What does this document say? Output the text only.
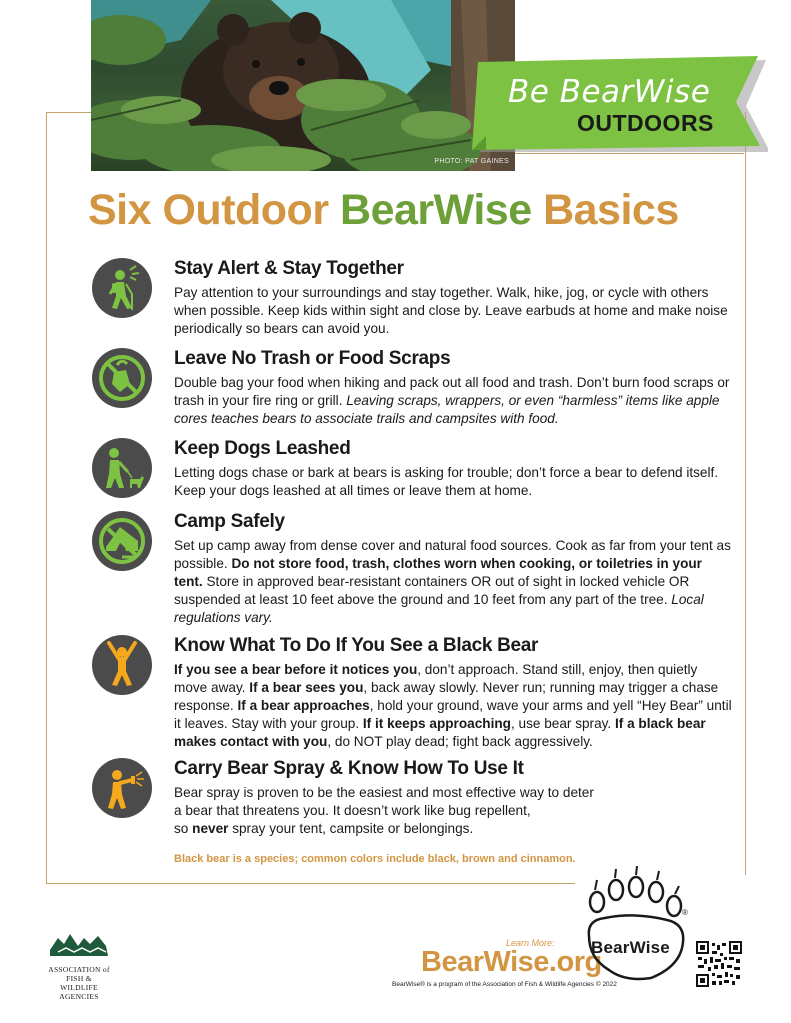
PHOTO: PAT GAINES
Be BearWise
OUTDOORS
Six Outdoor BearWise Basics
Stay Alert & Stay Together

Pay attention to your surroundings and stay together. Walk, hike, jog, or cycle with others when possible. Keep kids within sight and close by. Leave earbuds at home and make noise periodically so bears can avoid you.

Leave No Trash or Food Scraps

Double bag your food when hiking and pack out all food and trash. Don’t burn food scraps or trash in your fire ring or grill. Leaving scraps, wrappers, or even “harmless” items like apple cores teaches bears to associate trails and campsites with food.

Keep Dogs Leashed

Letting dogs chase or bark at bears is asking for trouble; don’t force a bear to defend itself. Keep your dogs leashed at all times or leave them at home.

Camp Safely

Set up camp away from dense cover and natural food sources. Cook as far from your tent as possible. Do not store food, trash, clothes worn when cooking, or toiletries in your tent. Store in approved bear-resistant containers OR out of sight in locked vehicle OR suspended at least 10 feet above the ground and 10 feet from any part of the tree. Local regulations vary.

Know What To Do If You See a Black Bear

If you see a bear before it notices you, don’t approach. Stand still, enjoy, then quietly move away. If a bear sees you, back away slowly. Never run; running may trigger a chase response. If a bear approaches, hold your ground, wave your arms and yell “Hey Bear” until it leaves. Stay with your group. If it keeps approaching, use bear spray. If a black bear makes contact with you, do NOT play dead; fight back aggressively.

Carry Bear Spray & Know How To Use It

Bear spray is proven to be the easiest and most effective way to deter
a bear that threatens you. It doesn’t work like bug repellent,
so never spray your tent, campsite or belongings.

Black bear is a species; common colors include black, brown and cinnamon.
ASSOCIATION of
FISH & WILDLIFE
AGENCIES
Learn More:
BearWise.org
BearWise® is a program of the Association of Fish & Wildlife Agencies © 2022
BearWise
®
